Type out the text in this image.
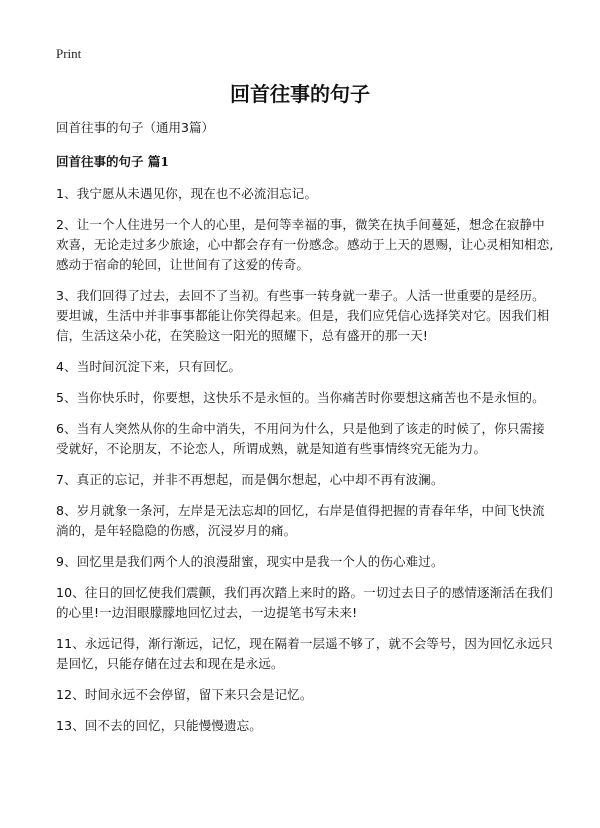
Print
回首往事的句子

回首往事的句子（通用3篇）

回首往事的句子 篇1

1、我宁愿从未遇见你，现在也不必流泪忘记。

2、让一个人住进另一个人的心里，是何等幸福的事，微笑在执手间蔓延，想念在寂静中欢喜，无论走过多少旅途，心中都会存有一份感念。感动于上天的恩赐，让心灵相知相恋,感动于宿命的轮回，让世间有了这爱的传奇。

3、我们回得了过去，去回不了当初。有些事一转身就一辈子。人活一世重要的是经历。要坦诚，生活中并非事事都能让你笑得起来。但是，我们应凭信心选择笑对它。因我们相信，生活这朵小花，在笑脸这一阳光的照耀下，总有盛开的那一天!

4、当时间沉淀下来，只有回忆。

5、当你快乐时，你要想，这快乐不是永恒的。当你痛苦时你要想这痛苦也不是永恒的。

6、当有人突然从你的生命中消失，不用问为什么，只是他到了该走的时候了，你只需接受就好，不论朋友，不论恋人，所谓成熟，就是知道有些事情终究无能为力。

7、真正的忘记，并非不再想起，而是偶尔想起，心中却不再有波澜。

8、岁月就象一条河，左岸是无法忘却的回忆，右岸是值得把握的青春年华，中间飞快流淌的，是年轻隐隐的伤感，沉浸岁月的痛。

9、回忆里是我们两个人的浪漫甜蜜，现实中是我一个人的伤心难过。

10、往日的回忆使我们震颤，我们再次踏上来时的路。一切过去日子的感情逐渐活在我们的心里!一边泪眼朦朦地回忆过去，一边提笔书写未来!

11、永远记得，渐行渐远，记忆，现在隔着一层遥不够了，就不会等号，因为回忆永远只是回忆，只能存储在过去和现在是永远。

12、时间永远不会停留，留下来只会是记忆。

13、回不去的回忆，只能慢慢遗忘。
